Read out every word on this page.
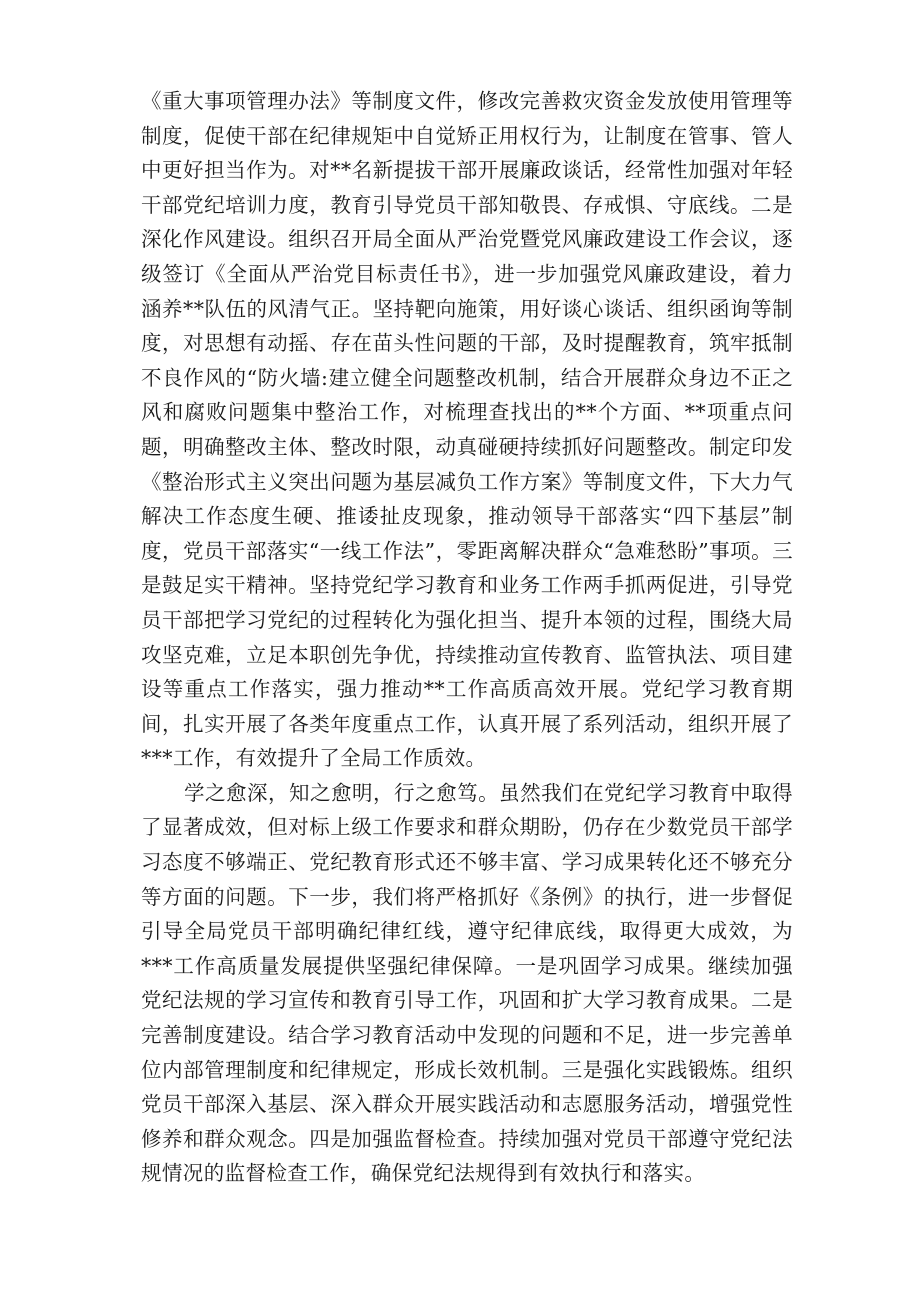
《重大事项管理办法》等制度文件，修改完善救灾资金发放使用管理等制度，促使干部在纪律规矩中自觉矫正用权行为，让制度在管事、管人中更好担当作为。对**名新提拔干部开展廉政谈话，经常性加强对年轻干部党纪培训力度，教育引导党员干部知敬畏、存戒惧、守底线。二是深化作风建设。组织召开局全面从严治党暨党风廉政建设工作会议，逐级签订《全面从严治党目标责任书》，进一步加强党风廉政建设，着力涵养**队伍的风清气正。坚持靶向施策，用好谈心谈话、组织函询等制度，对思想有动摇、存在苗头性问题的干部，及时提醒教育，筑牢抵制不良作风的“防火墙:建立健全问题整改机制，结合开展群众身边不正之风和腐败问题集中整治工作，对梳理查找出的**个方面、**项重点问题，明确整改主体、整改时限，动真碰硬持续抓好问题整改。制定印发《整治形式主义突出问题为基层减负工作方案》等制度文件，下大力气解决工作态度生硬、推诿扯皮现象，推动领导干部落实“四下基层”制度，党员干部落实“一线工作法”，零距离解决群众“急难愁盼”事项。三是鼓足实干精神。坚持党纪学习教育和业务工作两手抓两促进，引导党员干部把学习党纪的过程转化为强化担当、提升本领的过程，围绕大局攻坚克难，立足本职创先争优，持续推动宣传教育、监管执法、项目建设等重点工作落实，强力推动**工作高质高效开展。党纪学习教育期间，扎实开展了各类年度重点工作，认真开展了系列活动，组织开展了***工作，有效提升了全局工作质效。

学之愈深，知之愈明，行之愈笃。虽然我们在党纪学习教育中取得了显著成效，但对标上级工作要求和群众期盼，仍存在少数党员干部学习态度不够端正、党纪教育形式还不够丰富、学习成果转化还不够充分等方面的问题。下一步，我们将严格抓好《条例》的执行，进一步督促引导全局党员干部明确纪律红线，遵守纪律底线，取得更大成效，为***工作高质量发展提供坚强纪律保障。一是巩固学习成果。继续加强党纪法规的学习宣传和教育引导工作，巩固和扩大学习教育成果。二是完善制度建设。结合学习教育活动中发现的问题和不足，进一步完善单位内部管理制度和纪律规定，形成长效机制。三是强化实践锻炼。组织党员干部深入基层、深入群众开展实践活动和志愿服务活动，增强党性修养和群众观念。四是加强监督检查。持续加强对党员干部遵守党纪法规情况的监督检查工作，确保党纪法规得到有效执行和落实。
